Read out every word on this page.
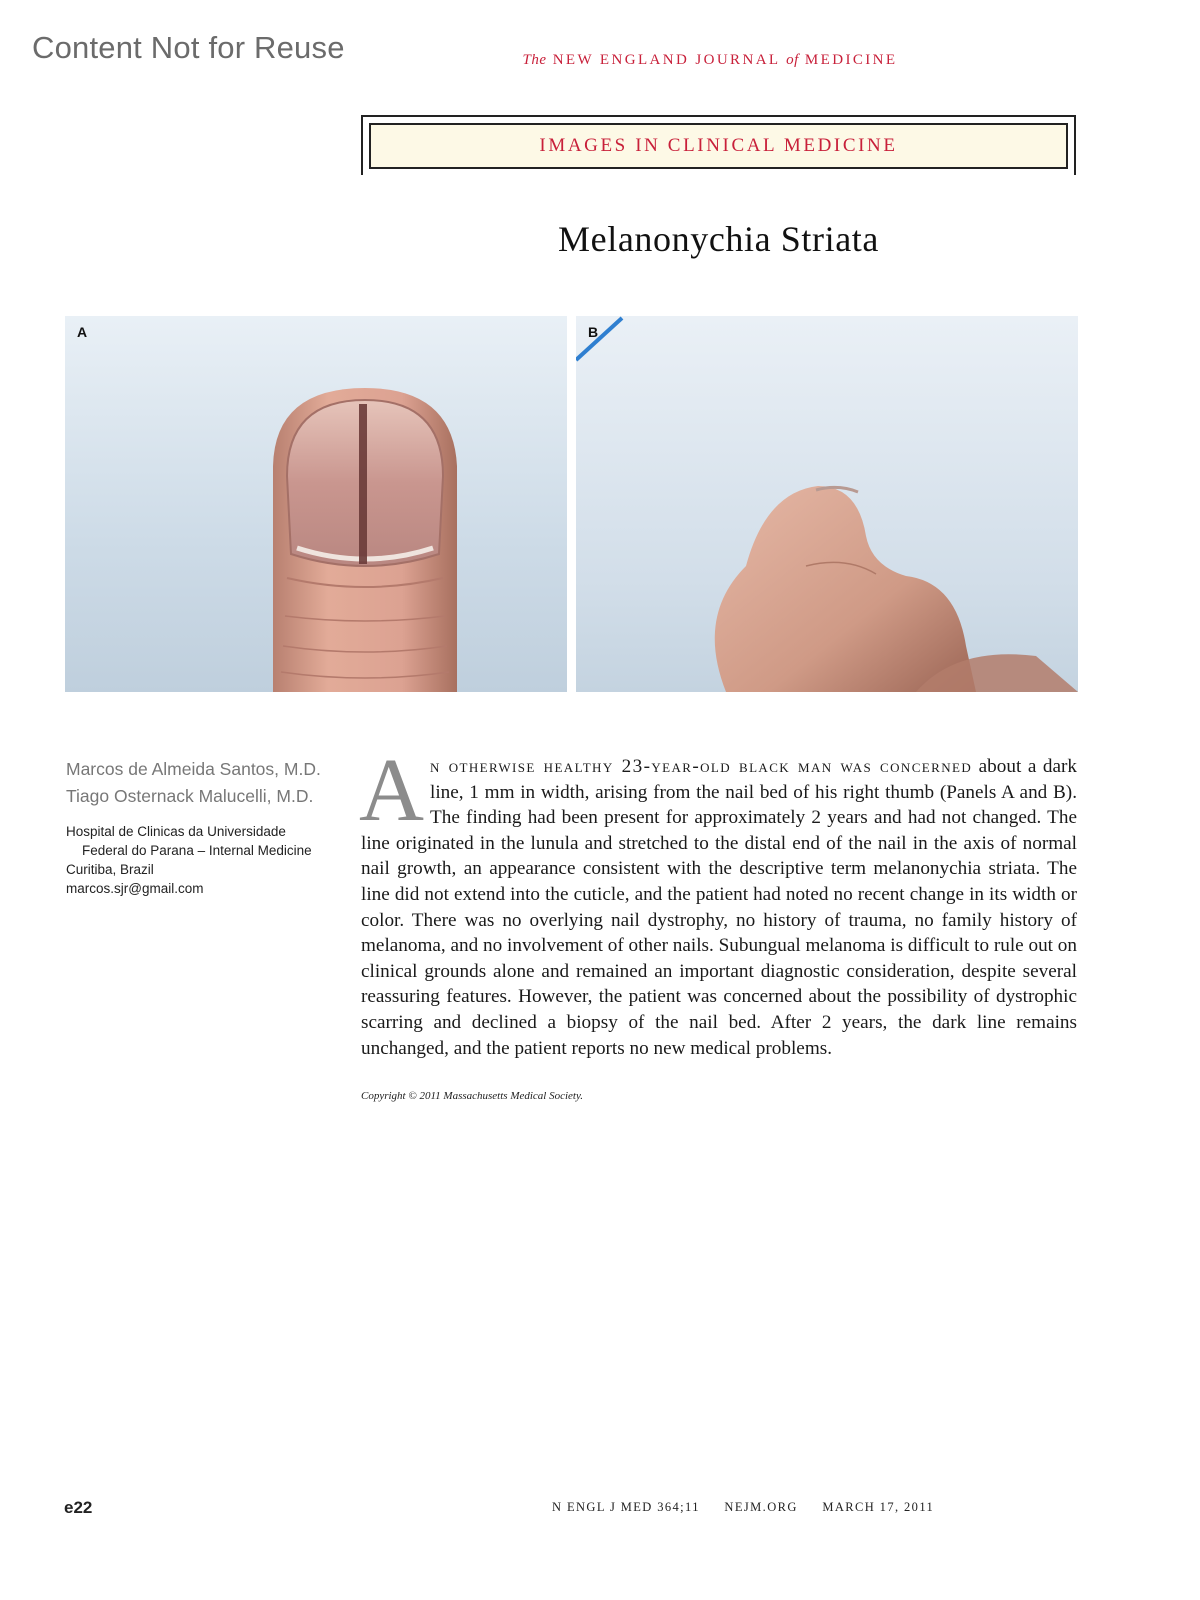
Content Not for Reuse	The NEW ENGLAND JOURNAL of MEDICINE
IMAGES IN CLINICAL MEDICINE
Melanonychia Striata
A	B
Marcos de Almeida Santos, M.D.
Tiago Osternack Malucelli, M.D.
Hospital de Clinicas da Universidade
Federal do Parana – Internal Medicine
Curitiba, Brazil
marcos.sjr@gmail.com
An otherwise healthy 23-year-old black man was concerned about a dark line, 1 mm in width, arising from the nail bed of his right thumb (Panels A and B). The finding had been present for approximately 2 years and had not changed. The line originated in the lunula and stretched to the distal end of the nail in the axis of normal nail growth, an appearance consistent with the descriptive term melanonychia striata. The line did not extend into the cuticle, and the patient had noted no recent change in its width or color. There was no overlying nail dystrophy, no history of trauma, no family history of melanoma, and no involvement of other nails. Subungual melanoma is difficult to rule out on clinical grounds alone and remained an important diagnostic consideration, despite several reassuring features. However, the patient was concerned about the possibility of dystrophic scarring and declined a biopsy of the nail bed. After 2 years, the dark line remains unchanged, and the patient reports no new medical problems.
Copyright © 2011 Massachusetts Medical Society.
e22	N ENGL J MED 364;11 NEJM.ORG MARCH 17, 2011
